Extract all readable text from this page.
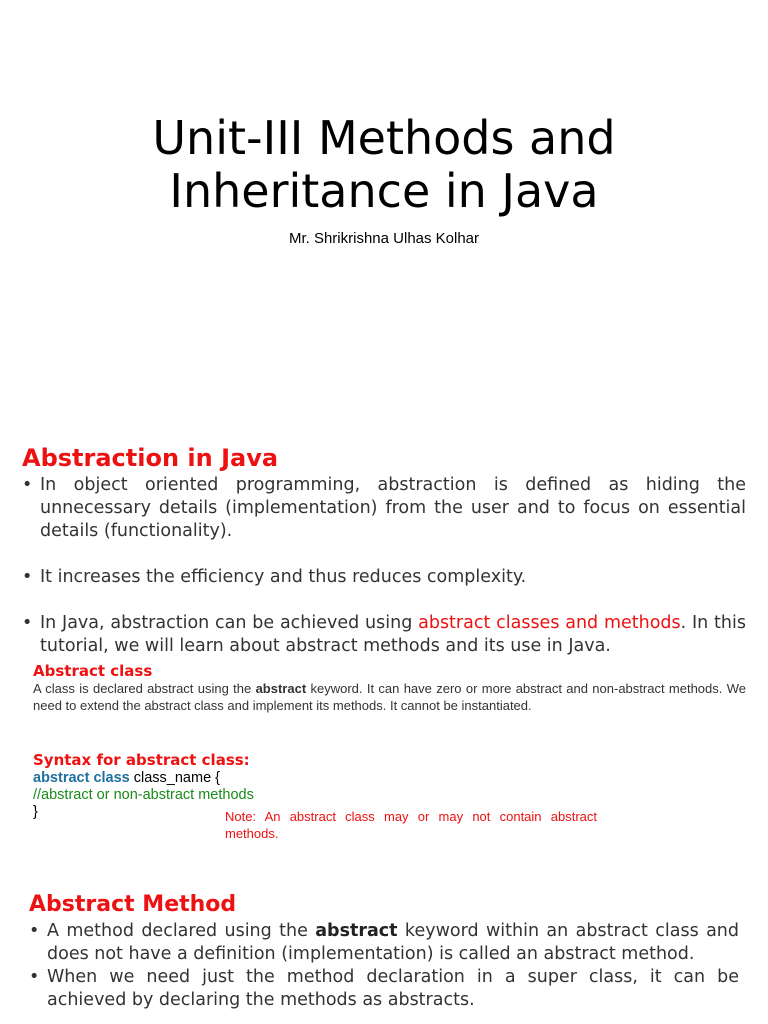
Unit-III Methods and
Inheritance in Java
Mr. Shrikrishna Ulhas Kolhar
Abstraction in Java
• In object oriented programming, abstraction is defined as hiding the unnecessary details (implementation) from the user and to focus on essential details (functionality).
• It increases the efficiency and thus reduces complexity.
• In Java, abstraction can be achieved using abstract classes and methods. In this tutorial, we will learn about abstract methods and its use in Java.
Abstract class
A class is declared abstract using the abstract keyword. It can have zero or more abstract and non-abstract methods. We need to extend the abstract class and implement its methods. It cannot be instantiated.
Syntax for abstract class:
abstract class class_name {
//abstract or non-abstract methods
}	Note: An abstract class may or may not contain abstract methods.
Abstract Method
• A method declared using the abstract keyword within an abstract class and does not have a definition (implementation) is called an abstract method.
• When we need just the method declaration in a super class, it can be achieved by declaring the methods as abstracts.
